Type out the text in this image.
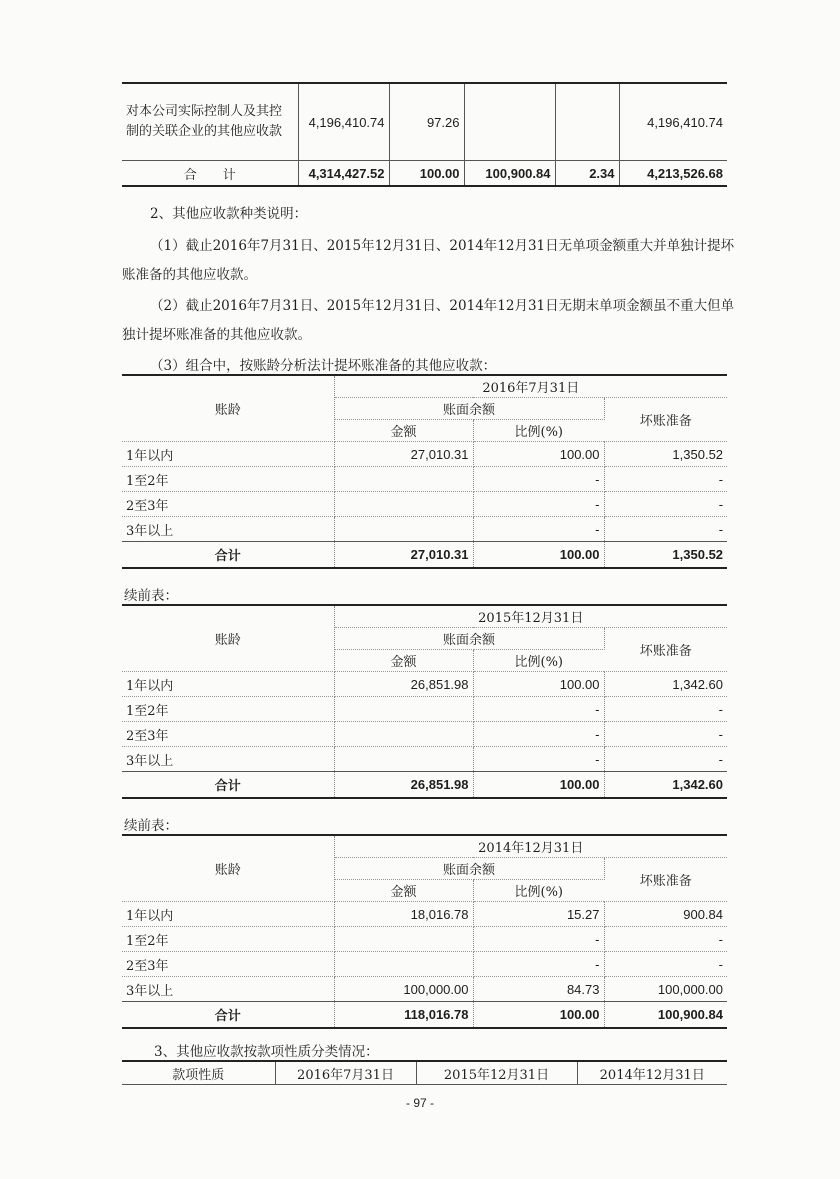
对本公司实际控制人及其控制的关联企业的其他应收款	4,196,410.74	97.26			4,196,410.74
合　　计	4,314,427.52	100.00	100,900.84	2.34	4,213,526.68
2、其他应收款种类说明：
（1）截止2016年7月31日、2015年12月31日、2014年12月31日无单项金额重大并单独计提坏
账准备的其他应收款。
（2）截止2016年7月31日、2015年12月31日、2014年12月31日无期末单项金额虽不重大但单
独计提坏账准备的其他应收款。
（3）组合中，按账龄分析法计提坏账准备的其他应收款：
账龄	2016年7月31日		
	账面余额		坏账准备
	金额	比例(%)	
1年以内	27,010.31	100.00	1,350.52
1至2年		-	-
2至3年		-	-
3年以上		-	-
合计	27,010.31	100.00	1,350.52
续前表：
账龄	2015年12月31日		
	账面余额		坏账准备
	金额	比例(%)	
1年以内	26,851.98	100.00	1,342.60
1至2年		-	-
2至3年		-	-
3年以上		-	-
合计	26,851.98	100.00	1,342.60
续前表：
账龄	2014年12月31日		
	账面余额		坏账准备
	金额	比例(%)	
1年以内	18,016.78	15.27	900.84
1至2年		-	-
2至3年		-	-
3年以上	100,000.00	84.73	100,000.00
合计	118,016.78	100.00	100,900.84
3、其他应收款按款项性质分类情况：
款项性质	2016年7月31日	2015年12月31日	2014年12月31日
- 97 -
